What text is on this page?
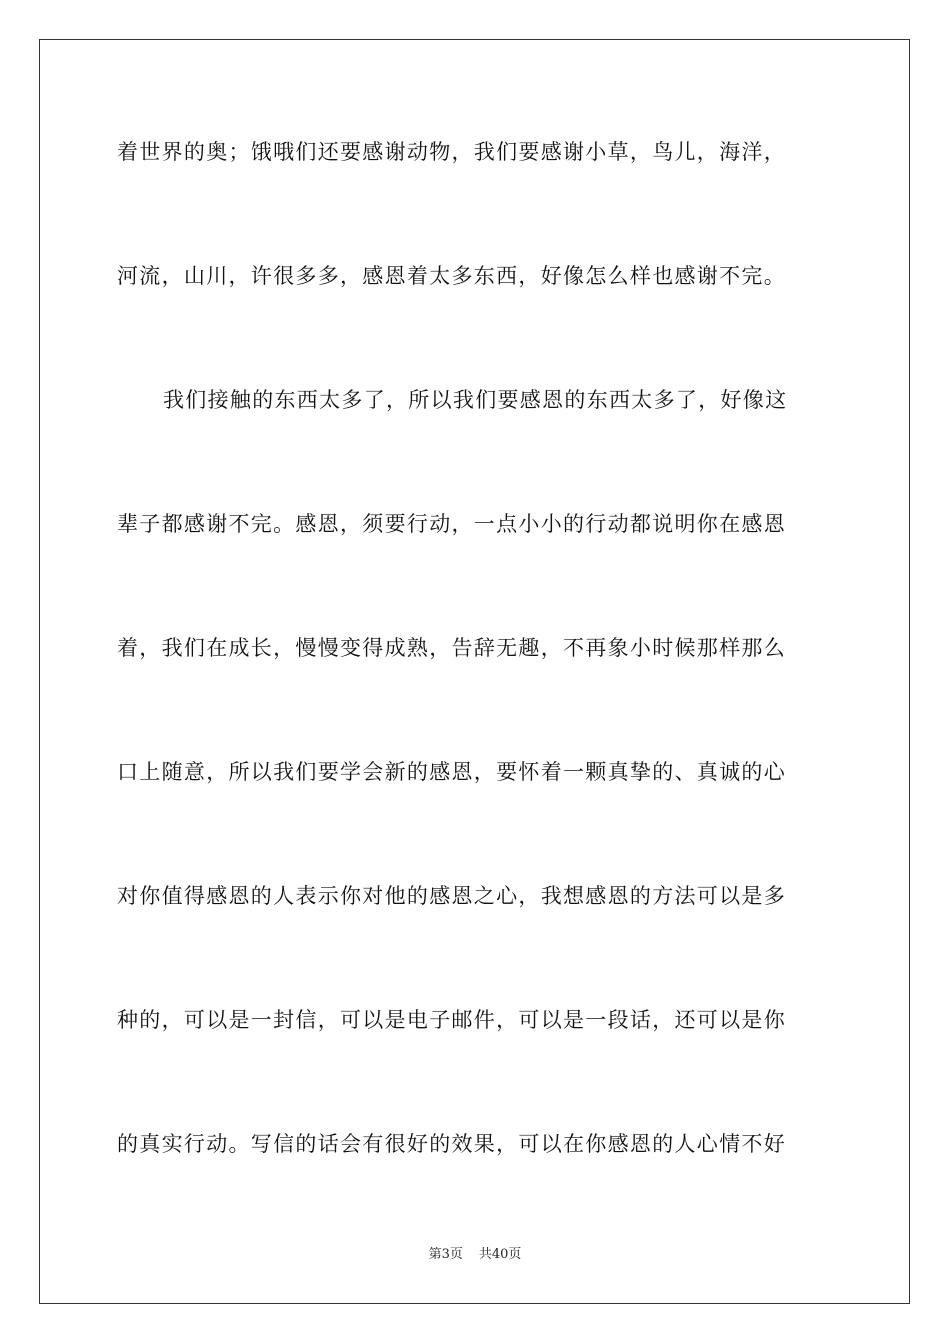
着世界的奥；饿哦们还要感谢动物，我们要感谢小草，鸟儿，海洋，
河流，山川，许很多多，感恩着太多东西，好像怎么样也感谢不完。
我们接触的东西太多了，所以我们要感恩的东西太多了，好像这
辈子都感谢不完。感恩，须要行动，一点小小的行动都说明你在感恩
着，我们在成长，慢慢变得成熟，告辞无趣，不再象小时候那样那么
口上随意，所以我们要学会新的感恩，要怀着一颗真挚的、真诚的心
对你值得感恩的人表示你对他的感恩之心，我想感恩的方法可以是多
种的，可以是一封信，可以是电子邮件，可以是一段话，还可以是你
的真实行动。写信的话会有很好的效果，可以在你感恩的人心情不好
第3页 共40页
